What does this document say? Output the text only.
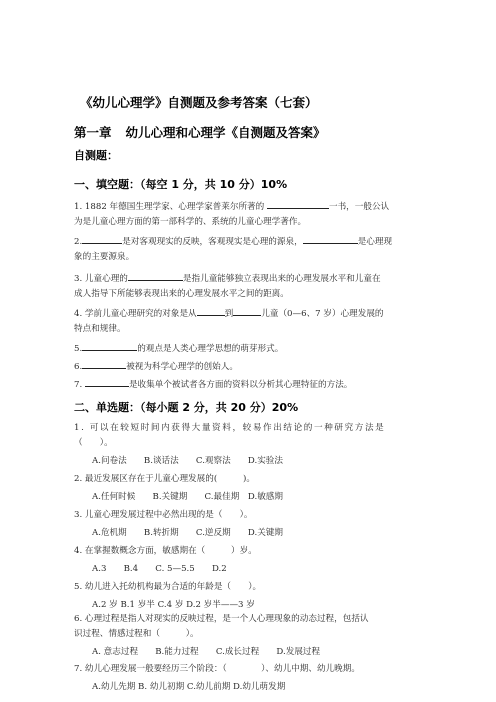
《幼儿心理学》自测题及参考答案（七套）
第一章 幼儿心理和心理学《自测题及答案》
自测题：
一、填空题：（每空 1 分，共 10 分）10%
1. 1882 年德国生理学家、心理学家普莱尔所著的	一书，一般公认
为是儿童心理方面的第一部科学的、系统的儿童心理学著作。
2.	是对客观现实的反映，客观现实是心理的源泉，	是心理现
象的主要源泉。
3. 儿童心理的	是指儿童能够独立表现出来的心理发展水平和儿童在
成人指导下所能够表现出来的心理发展水平之间的距离。
4. 学前儿童心理研究的对象是从	到	儿童（0—6、7 岁）心理发展的
特点和规律。
5.	的观点是人类心理学思想的萌芽形式。
6.	被视为科学心理学的创始人。
7.	是收集单个被试者各方面的资料以分析其心理特征的方法。
二、单选题：（每小题 2 分，共 20 分）20%
1. 可以在较短时间内获得大量资料，较易作出结论的一种研究方法是
（　　）。
A.问卷法　　B.谈话法　　C.观察法　　D.实验法
2. 最近发展区存在于儿童心理发展的(　　　)。
A.任何时候　　B.关键期　　C.最佳期　D.敏感期
3. 儿童心理发展过程中必然出现的是（　　）。
A.危机期　　B.转折期　　C.逆反期　　D.关键期
4. 在掌握数概念方面，敏感期在（　　　）岁。
A.3　　B.4　　C. 5—5.5　　D.2
5. 幼儿进入托幼机构最为合适的年龄是（　　）。
A.2 岁 B.1 岁半 C.4 岁 D.2 岁半——3 岁
6. 心理过程是指人对现实的反映过程，是一个人心理现象的动态过程，包括认
识过程、情感过程和（　　　）。
A. 意志过程　　B.能力过程　　C.成长过程　　D.发展过程
7. 幼儿心理发展一般要经历三个阶段：（　　　　）、幼儿中期、幼儿晚期。
A.幼儿先期 B. 幼儿初期 C.幼儿前期 D.幼儿萌发期
